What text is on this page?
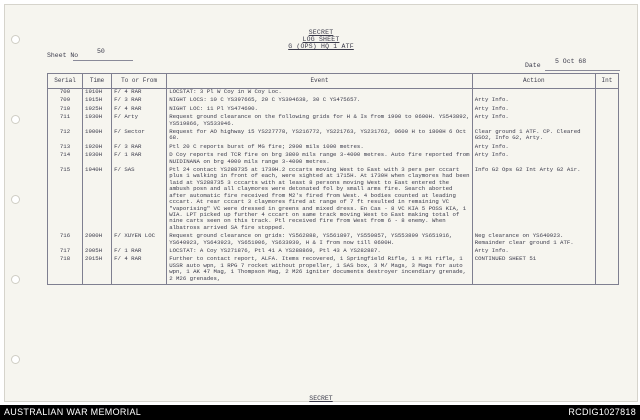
SECRET
LOG SHEET
G (OPS) HQ 1 ATF
Sheet No
50
Date
5 Oct 68
Serial	Time	To or From	Event	Action	Int
700	1910H	F/ 4 RAR	LOCSTAT: 3 Pl W Coy in W Coy Loc.		

709	1915H	F/ 3 RAR	NIGHT LOCS: 10 C YS397665, 20 C YS394638, 30 C YS475657.	Arty Info.	

710	1925H	F/ 4 RAR	NIGHT LOC: 11 Pl YS474690.	Arty Info.	

711	1930H	F/ Arty	Request ground clearance on the following grids for H & Is from 1900 to 0600H. YS543892, YS519866, YS533946.	Arty Info.	

712	1900H	F/ Sector	Request for AO highway 15 YS227778, YS216772, YS221763, YS231762, 0600 H to 1800H 6 Oct 68.	Clear ground 1 ATF. CP. Cleared GSO2, Info G2, Arty.	

713	1920H	F/ 3 RAR	Ptl 20 C reports burst of MG fire; 2900 mils 1000 metres.	Arty Info.	

714	1930H	F/ 1 RAR	D Coy reports red TCR fire on brg 3800 mils range 3-4000 metres. Auto fire reported from NUIDINANA on brg 4000 mils range 3-4000 metres.	Arty Info.	

715	1940H	F/ SAS	Ptl 24 contact YS288735 at 1730H.2 cccarts moving West to East with 3 pers per cccart plus 1 walking in front of each, were sighted at 1715H. At 1730H when claymores had been laid at YS288735 3 cccarts with at least 8 persons moving West to East entered the ambush posn and all claymores were detonated fol by small arms fire. Search aborted after automatic fire received from M2's fired from West. 4 bodies counted at leading cccart. At rear cccart 3 claymores fired at range of 7 ft resulted in remaining VC "vaporising" VC were dressed in greens and mixed dress. En Cas - 8 VC KIA 5 POSS KIA, 1 WIA. LPT picked up further 4 cccart on same track moving West to East making total of nine carts seen on this track. Ptl received fire from West from 6 - 8 enemy. When albatross arrived SA fire stopped.	Info G2 Ops G2 Int Arty G2 Air.	

716	2000H	F/ XUYEN LOC	Request ground clearance on grids: YS562888, YS561897, YS550857, YS553899 YS651916, YS640923, YS643923, YS651906, YS633930, H & I from now till 0600H.	Neg clearance on YS640923. Remainder clear ground 1 ATF.	

717	2005H	F/ 1 RAR	LOCSTAT: A Coy YS271876, Ptl 41 A YS288869, Ptl 43 A YS282887.	Arty Info.	

718	2015H	F/ 4 RAR	Further to contact report, ALFA. Items recovered, 1 Springfield Rifle, 1 x M1 rifle, 1 USSR auto wpn, 1 RPG 7 rocket without propeller, 1 SAS box, 3 M/ Mags, 3 Mags for auto wpn, 1 AK 47 Mag, 1 Thompson Mag, 2 M26 igniter documents destroyer incendiary grenade, 2 M26 grenades,	CONTINUED SHEET 51	

SECRET
AUSTRALIAN WAR MEMORIAL	RCDIG1027818
